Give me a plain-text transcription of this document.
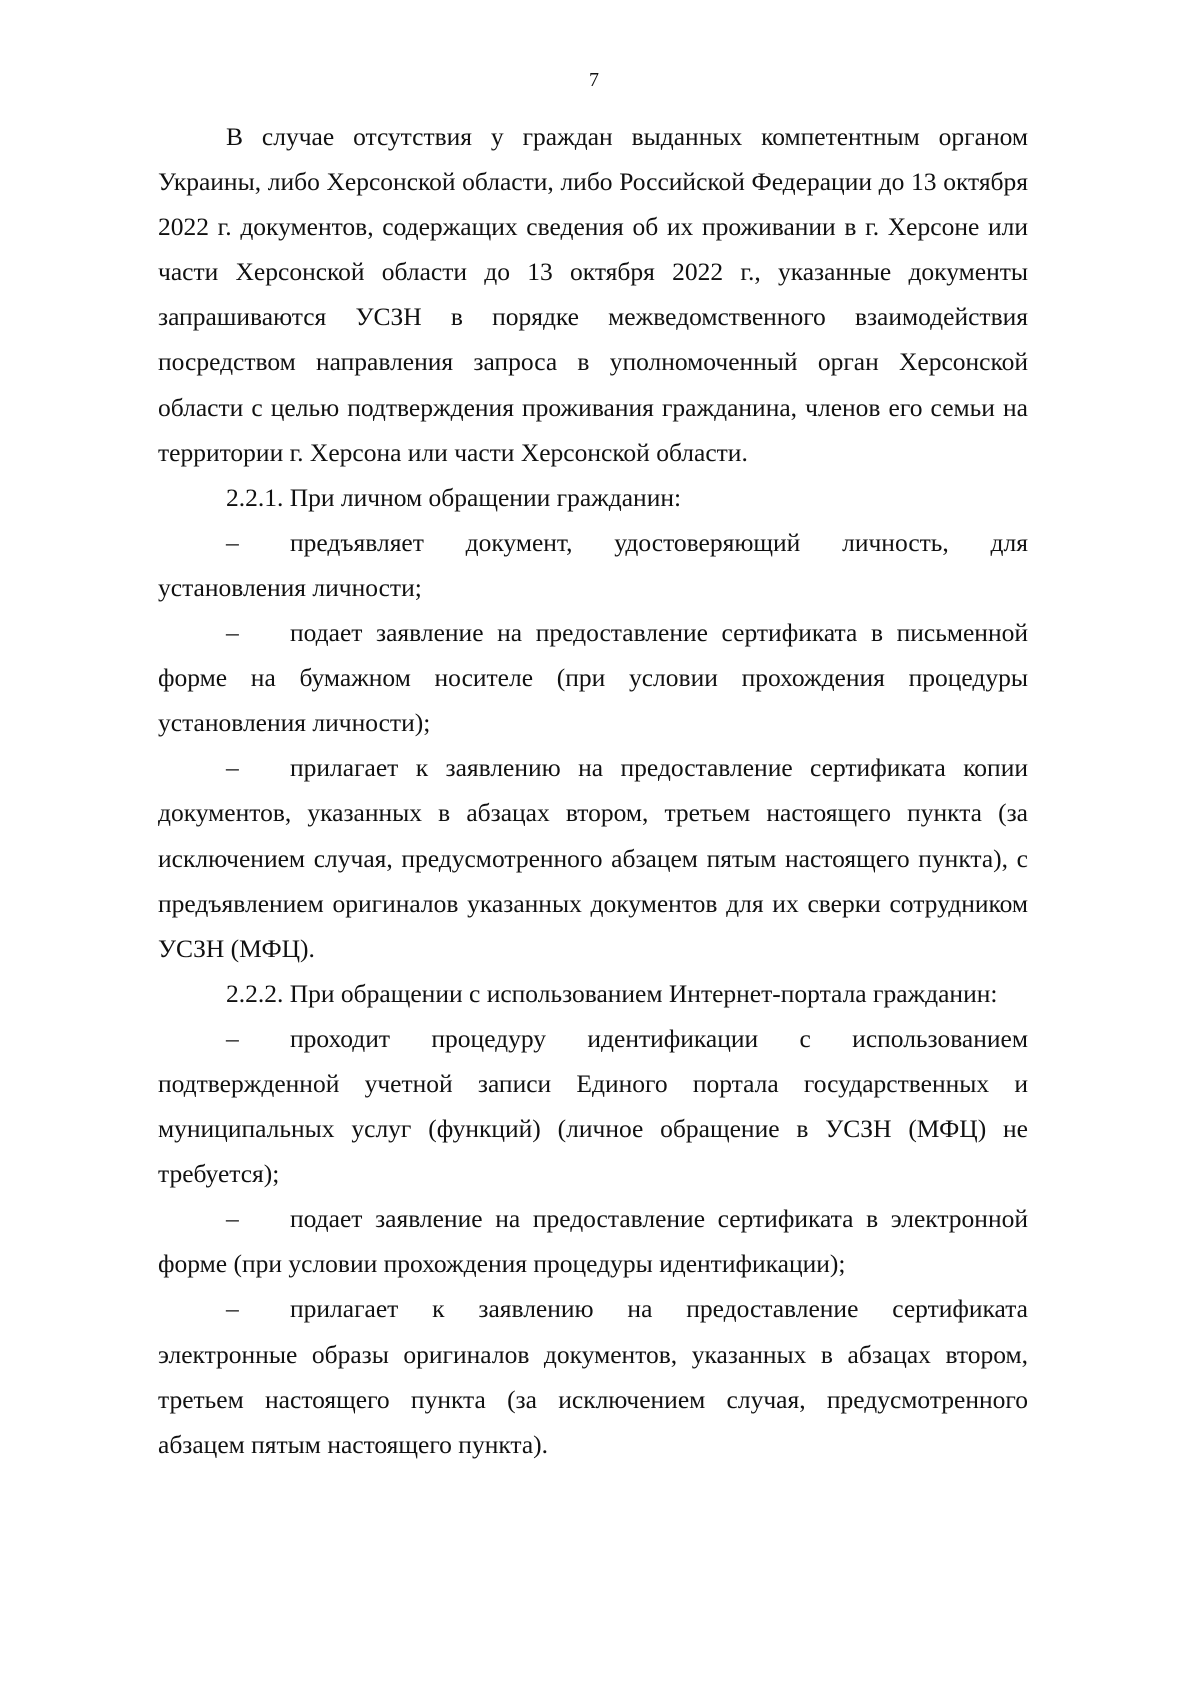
7

В случае отсутствия у граждан выданных компетентным органом Украины, либо Херсонской области, либо Российской Федерации до 13 октября 2022 г. документов, содержащих сведения об их проживании в г. Херсоне или части Херсонской области до 13 октября 2022 г., указанные документы запрашиваются УСЗН в порядке межведомственного взаимодействия посредством направления запроса в уполномоченный орган Херсонской области с целью подтверждения проживания гражданина, членов его семьи на территории г. Херсона или части Херсонской области.

2.2.1. При личном обращении гражданин:

– предъявляет документ, удостоверяющий личность, для установления личности;

– подает заявление на предоставление сертификата в письменной форме на бумажном носителе (при условии прохождения процедуры установления личности);

– прилагает к заявлению на предоставление сертификата копии документов, указанных в абзацах втором, третьем настоящего пункта (за исключением случая, предусмотренного абзацем пятым настоящего пункта), с предъявлением оригиналов указанных документов для их сверки сотрудником УСЗН (МФЦ).

2.2.2. При обращении с использованием Интернет-портала гражданин:

– проходит процедуру идентификации с использованием подтвержденной учетной записи Единого портала государственных и муниципальных услуг (функций) (личное обращение в УСЗН (МФЦ) не требуется);

– подает заявление на предоставление сертификата в электронной форме (при условии прохождения процедуры идентификации);

– прилагает к заявлению на предоставление сертификата электронные образы оригиналов документов, указанных в абзацах втором, третьем настоящего пункта (за исключением случая, предусмотренного абзацем пятым настоящего пункта).
